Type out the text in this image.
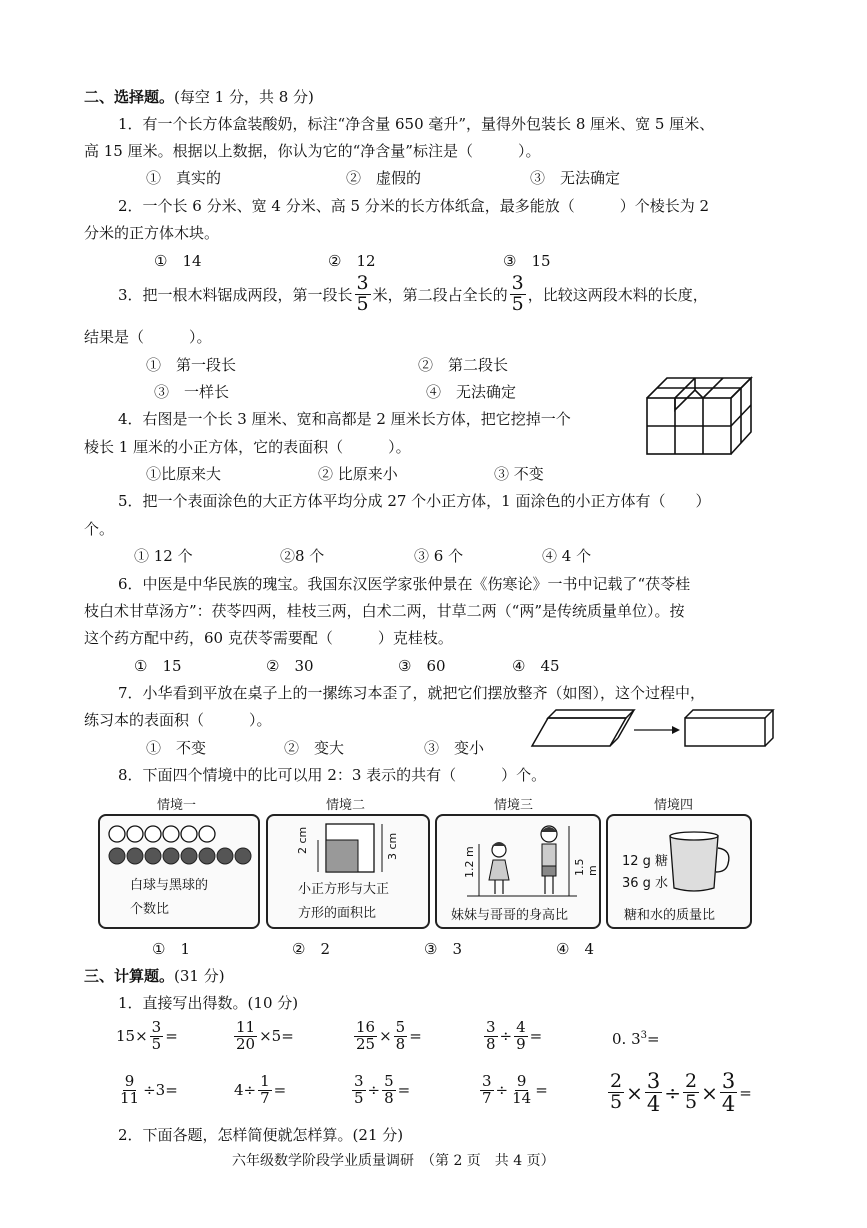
二、选择题。(每空 1 分，共 8 分)
1．有一个长方体盒装酸奶，标注“净含量 650 毫升”，量得外包装长 8 厘米、宽 5 厘米、
高 15 厘米。根据以上数据，你认为它的“净含量”标注是（　　　）。
①　真实的	②　虚假的	③　无法确定
2．一个长 6 分米、宽 4 分米、高 5 分米的长方体纸盒，最多能放（　　　）个棱长为 2
分米的正方体木块。
①　14	②　12	③　15
3．把一根木料锯成两段，第一段长 $\frac{3}{5}$ 米，第二段占全长的 $\frac{3}{5}$ ，比较这两段木料的长度，
结果是（　　　）。
①　第一段长	②　第二段长
③　一样长	④　无法确定
4．右图是一个长 3 厘米、宽和高都是 2 厘米长方体，把它挖掉一个
棱长 1 厘米的小正方体，它的表面积（　　　）。
①比原来大	② 比原来小	③ 不变
5．把一个表面涂色的大正方体平均分成 27 个小正方体，1 面涂色的小正方体有（　　）
个。
① 12 个	②8 个	③ 6 个	④ 4 个
6．中医是中华民族的瑰宝。我国东汉医学家张仲景在《伤寒论》一书中记载了“茯苓桂
枝白术甘草汤方”：茯苓四两，桂枝三两，白术二两，甘草二两（“两”是传统质量单位）。按
这个药方配中药，60 克茯苓需要配（　　　）克桂枝。
①　15	②　30	③　60	④　45
7．小华看到平放在桌子上的一摞练习本歪了，就把它们摆放整齐（如图），这个过程中，
练习本的表面积（　　　）。
①　不变	②　变大	③　变小
8．下面四个情境中的比可以用 2：3 表示的共有（　　　）个。
情境一	情境二	情境三	情境四
白球与黑球的
个数比
2 cm	3 cm
小正方形与大正
方形的面积比
1.2 m	1.5 m
妹妹与哥哥的身高比
12 g 糖
36 g 水
糖和水的质量比
①　1	②　2	③　3	④　4
三、计算题。(31 分)
1．直接写出得数。(10 分)
$15\times \frac{3}{5}$ =	$\frac{11}{20} \times 5=$	$\frac{16}{25} \times \frac{5}{8}$ =	$\frac{3}{8} \div \frac{4}{9}$ =	0. $3^3=$
$\frac{9}{11} \div 3=$	$4\div \frac{1}{7}$ =	$\frac{3}{5} \div \frac{5}{8}$ =	$\frac{3}{7} \div \frac{9}{14}$ =	$\frac{2}{5} \times \frac{3}{4} \div \frac{2}{5} \times \frac{3}{4}$ =
2．下面各题，怎样简便就怎样算。(21 分)
六年级数学阶段学业质量调研　（第 2 页　共 4 页）
